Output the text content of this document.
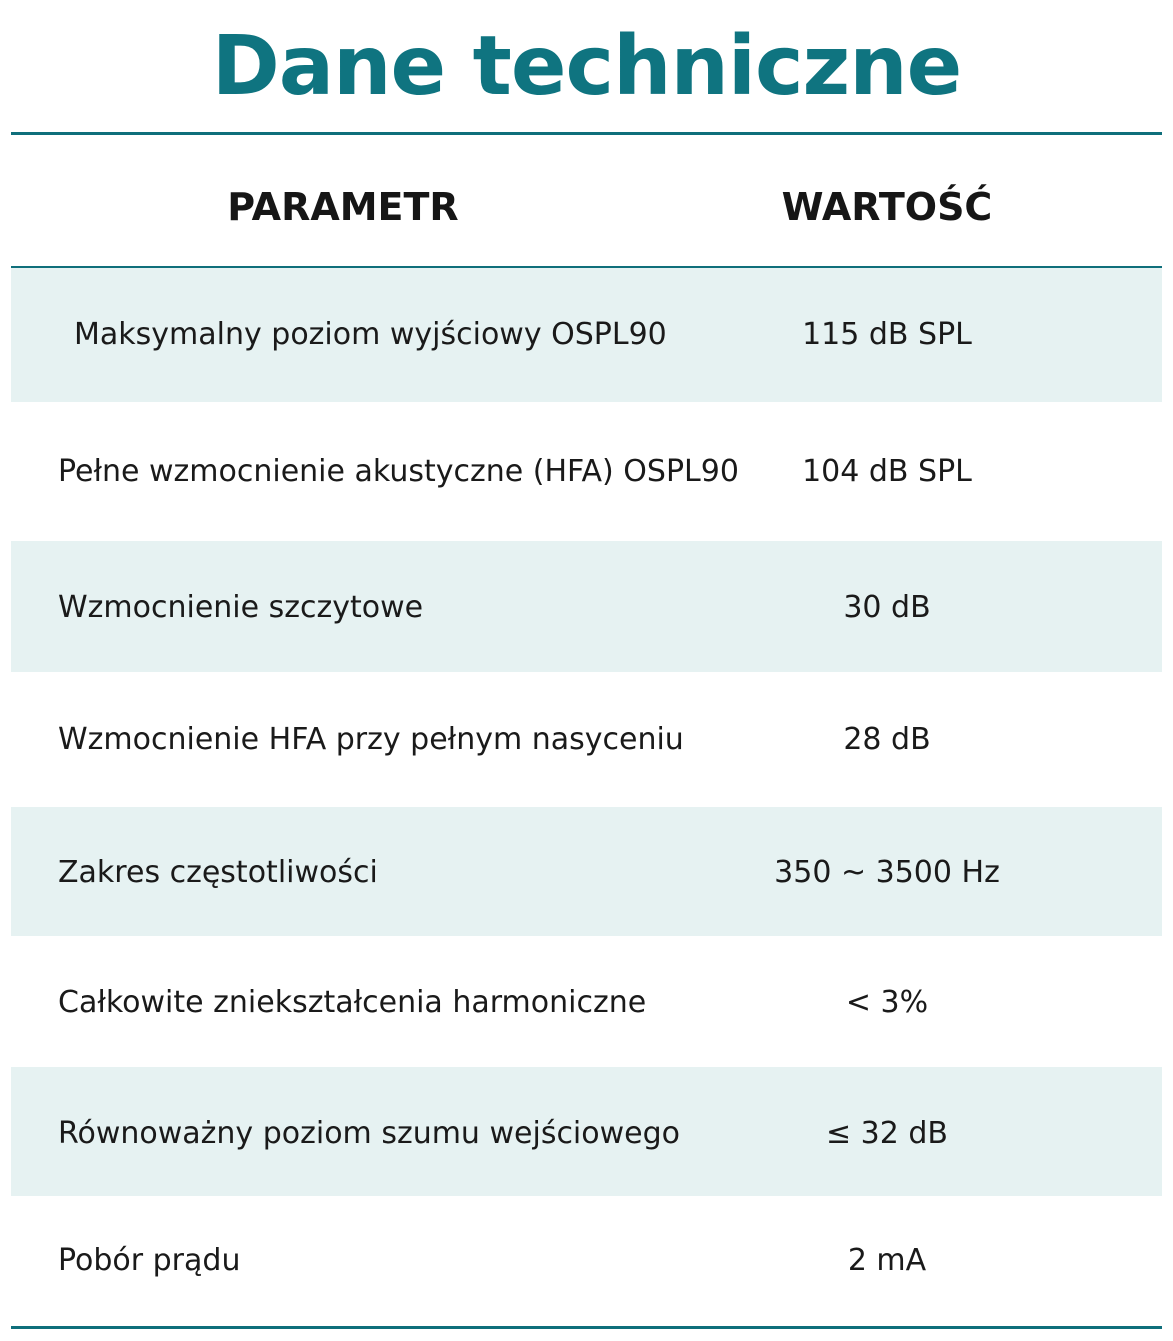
Dane techniczne
PARAMETR	WARTOŚĆ
Maksymalny poziom wyjściowy OSPL90	115 dB SPL
Pełne wzmocnienie akustyczne (HFA) OSPL90	104 dB SPL
Wzmocnienie szczytowe	30 dB
Wzmocnienie HFA przy pełnym nasyceniu	28 dB
Zakres częstotliwości	350 ~ 3500 Hz
Całkowite zniekształcenia harmoniczne	< 3%
Równoważny poziom szumu wejściowego	≤ 32 dB
Pobór prądu	2 mA
